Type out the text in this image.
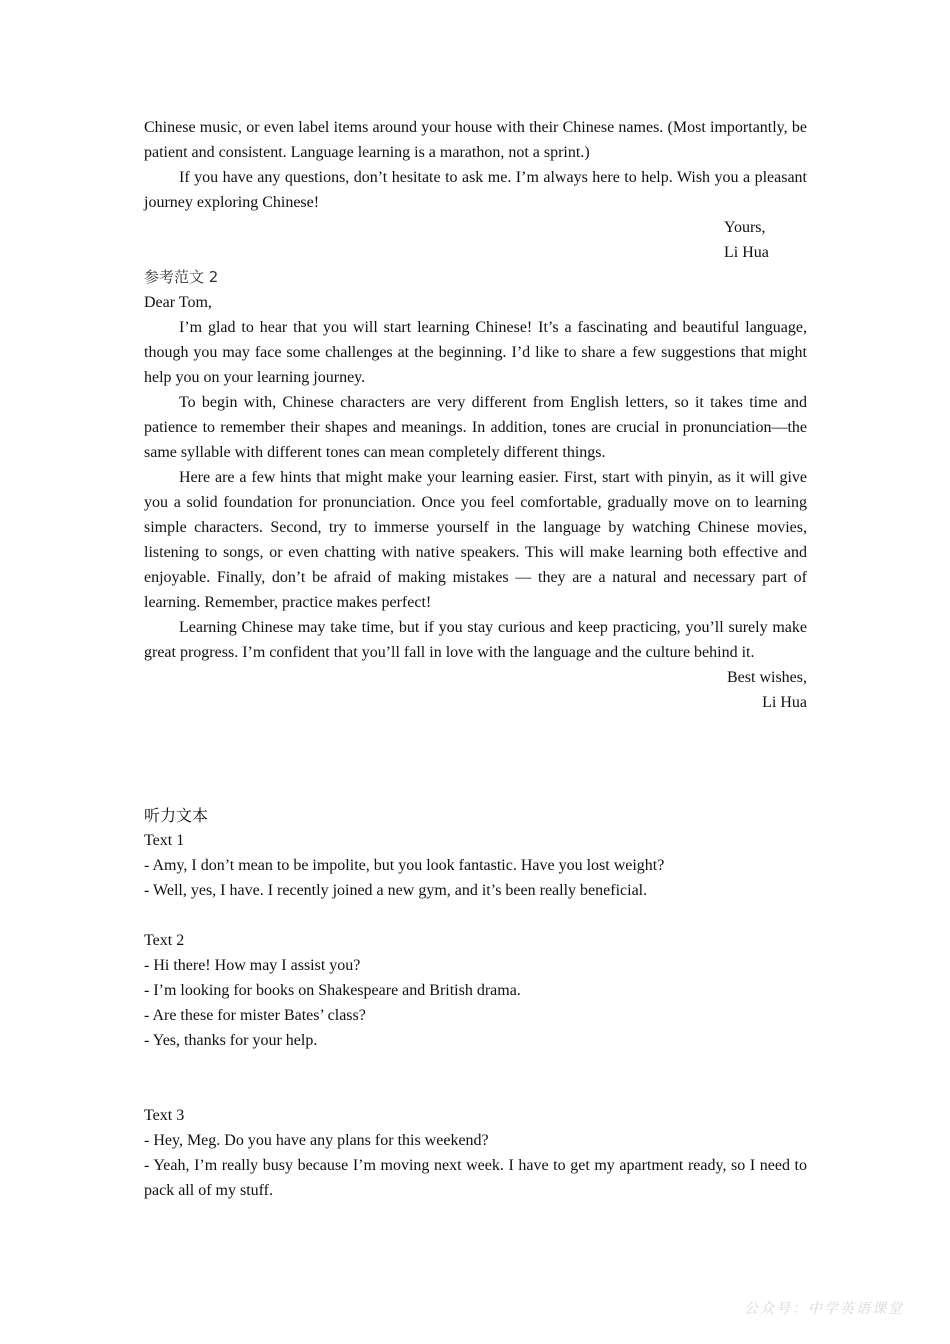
Chinese music, or even label items around your house with their Chinese names. (Most importantly, be patient and consistent. Language learning is a marathon, not a sprint.)

If you have any questions, don’t hesitate to ask me. I’m always here to help. Wish you a pleasant journey exploring Chinese!

Yours,

Li Hua

参考范文 2

Dear Tom,

I’m glad to hear that you will start learning Chinese! It’s a fascinating and beautiful language, though you may face some challenges at the beginning. I’d like to share a few suggestions that might help you on your learning journey.

To begin with, Chinese characters are very different from English letters, so it takes time and patience to remember their shapes and meanings. In addition, tones are crucial in pronunciation—the same syllable with different tones can mean completely different things.

Here are a few hints that might make your learning easier. First, start with pinyin, as it will give you a solid foundation for pronunciation. Once you feel comfortable, gradually move on to learning simple characters. Second, try to immerse yourself in the language by watching Chinese movies, listening to songs, or even chatting with native speakers. This will make learning both effective and enjoyable. Finally, don’t be afraid of making mistakes — they are a natural and necessary part of learning. Remember, practice makes perfect!

Learning Chinese may take time, but if you stay curious and keep practicing, you’ll surely make great progress. I’m confident that you’ll fall in love with the language and the culture behind it.

Best wishes,

Li Hua

听力文本

Text 1

- Amy, I don’t mean to be impolite, but you look fantastic. Have you lost weight?

- Well, yes, I have. I recently joined a new gym, and it’s been really beneficial.

Text 2

- Hi there! How may I assist you?

- I’m looking for books on Shakespeare and British drama.

- Are these for mister Bates’ class?

- Yes, thanks for your help.

Text 3

- Hey, Meg. Do you have any plans for this weekend?

- Yeah, I’m really busy because I’m moving next week. I have to get my apartment ready, so I need to pack all of my stuff.

公众号：中学英语课堂
